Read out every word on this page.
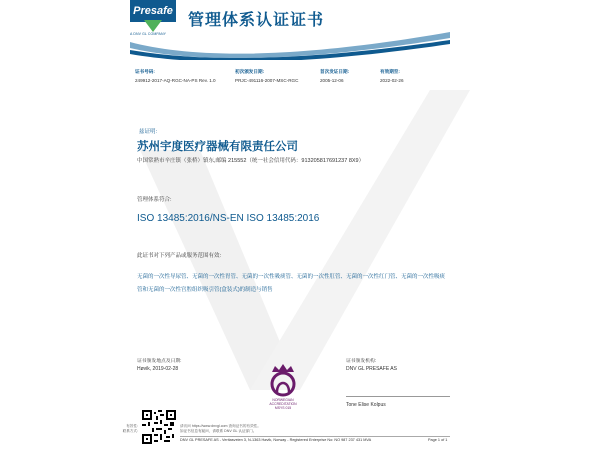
Presafe
A DNV GL COMPANY
管理体系认证证书
证书号码:
249912-2017-AQ-RGC-NA-PS Rev. 1.0
初次颁发日期:
PRJC-491116-2007-MSC-RGC
首次发证日期:
2005-12-06
有效期至:
2022-02-26
兹证明:
苏州宇度医疗器械有限责任公司
中国常熟市辛庄镇（张桥）镇东,邮编 215552（统一社会信用代码：913205817691237 8X9）
管理体系符合:
ISO 13485:2016/NS-EN ISO 13485:2016
此证书对下列产品或服务范围有效:
无菌的一次性导尿管、无菌的一次性胃管、无菌的一次性吸痰管、无菌的一次性肛管、无菌的一次性红门管、无菌的一次性吸痰管和无菌的一次性宫腔组织吸引管(盒装式)的制造与销售
证书颁发地点及日期:
Høvik, 2019-02-28
证书颁发机构:
DNV GL PRESAFE AS
NORWEGIAN
ACCREDITATION
MSYS 015	Tone Elise Kolpus
有效性:
联系方式:
请访问 https://www.dnvgl.com 查询证书的有效性。
如证书信息有疑问，请联系 DNV GL 认证部门。
DNV GL PRESAFE AS - Veritasveien 3, N-1363 Høvik, Norway - Registered Enterprise No: NO 987 237 431 MVA	Page 1 of 1
